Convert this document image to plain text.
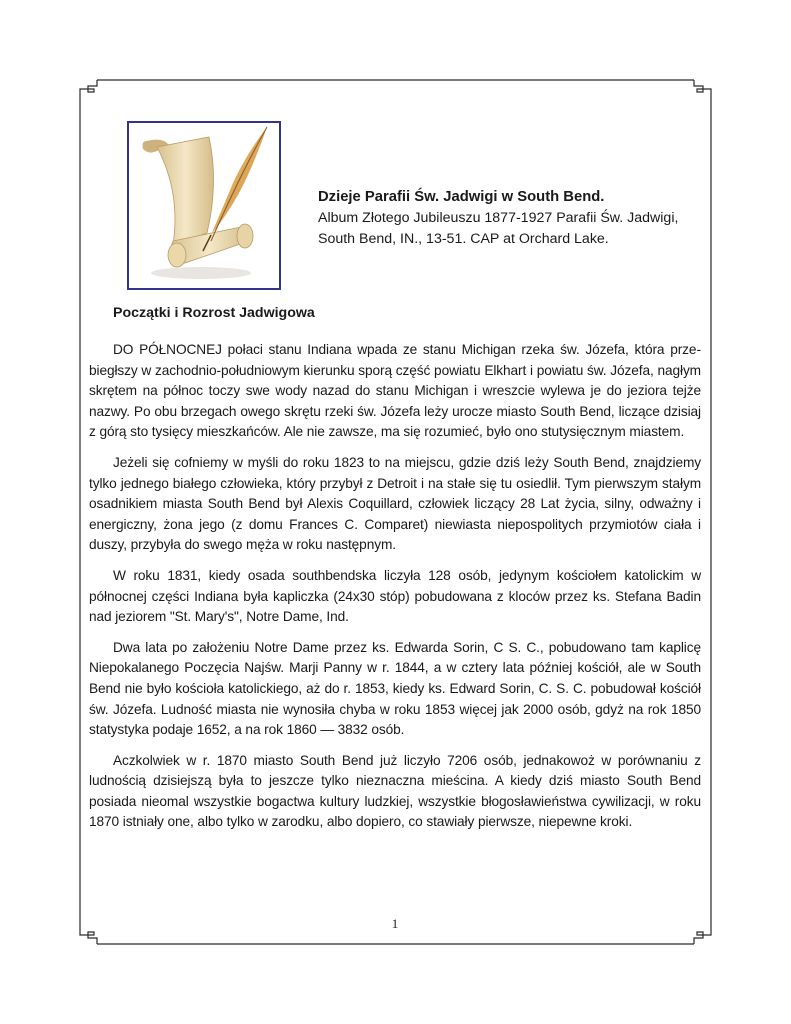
Dzieje Parafii Św. Jadwigi w South Bend.
Album Złotego Jubileuszu 1877-1927 Parafii Św. Jadwigi,
South Bend, IN., 13-51. CAP at Orchard Lake.
Początki i Rozrost Jadwigowa

DO PÓŁNOCNEJ połaci stanu Indiana wpada ze stanu Michigan rzeka św. Józefa, która przebiegłszy w zachodnio-południowym kierunku sporą część powiatu Elkhart i powiatu św. Józefa, nagłym skrętem na północ toczy swe wody nazad do stanu Michigan i wreszcie wylewa je do jeziora tejże nazwy. Po obu brzegach owego skrętu rzeki św. Józefa leży urocze miasto South Bend, liczące dzisiaj z górą sto tysięcy mieszkańców. Ale nie zawsze, ma się rozumieć, było ono stutysięcznym miastem.

Jeżeli się cofniemy w myśli do roku 1823 to na miejscu, gdzie dziś leży South Bend, znajdziemy tylko jednego białego człowieka, który przybył z Detroit i na stałe się tu osiedlił. Tym pierwszym stałym osadnikiem miasta South Bend był Alexis Coquillard, człowiek liczący 28 Lat życia, silny, odważny i energiczny, żona jego (z domu Frances C. Comparet) niewiasta niepospolitych przymiotów ciała i duszy, przybyła do swego męża w roku następnym.

W roku 1831, kiedy osada southbendska liczyła 128 osób, jedynym kościołem katolickim w północnej części Indiana była kapliczka (24x30 stóp) pobudowana z kloców przez ks. Stefana Badin nad jeziorem "St. Mary's", Notre Dame, Ind.

Dwa lata po założeniu Notre Dame przez ks. Edwarda Sorin, C S. C., pobudowano tam kaplicę Niepokalanego Poczęcia Najśw. Marji Panny w r. 1844, a w cztery lata później kościół, ale w South Bend nie było kościoła katolickiego, aż do r. 1853, kiedy ks. Edward Sorin, C. S. C. pobudował kościół św. Józefa. Ludność miasta nie wynosiła chyba w roku 1853 więcej jak 2000 osób, gdyż na rok 1850 statystyka podaje 1652, a na rok 1860 — 3832 osób.

Aczkolwiek w r. 1870 miasto South Bend już liczyło 7206 osób, jednakowoż w porównaniu z ludnością dzisiejszą była to jeszcze tylko nieznaczna mieścina. A kiedy dziś miasto South Bend posiada nieomal wszystkie bogactwa kultury ludzkiej, wszystkie błogosławieństwa cywilizacji, w roku 1870 istniały one, albo tylko w zarodku, albo dopiero, co stawiały pierwsze, niepewne kroki.

1
